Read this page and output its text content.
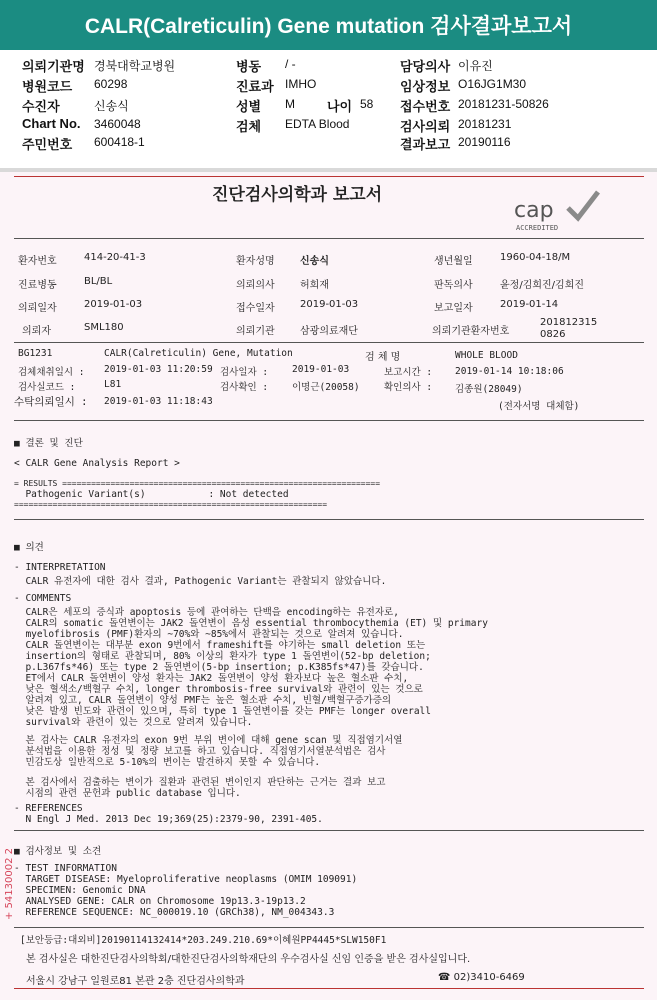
CALR(Calreticulin) Gene mutation 검사결과보고서
의뢰기관명 경북대학교병원
병원코드 60298
수진자	신송식
Chart No. 3460048
주민번호 600418-1
병동 / -
진료과 IMHO
성별 M 나이 58
검체 EDTA Blood
담당의사 이유진
임상정보 O16JG1M30
접수번호 20181231-50826
검사의뢰 20181231
결과보고 20190116
진단검사의학과 보고서
cap
ACCREDITED
환자번호	414-20-41-3	환자성명	신송식	생년월일	1960-04-18/M
진료병동	BL/BL	의뢰의사	허희재	판독의사	윤정/김희진/김희진
의뢰일자	2019-01-03	접수일자	2019-01-03	보고일자	2019-01-14
의뢰자	SML180	의뢰기관	삼광의료재단	의뢰기관환자번호
2018123150826
BG1231	CALR(Calreticulin) Gene, Mutation	검 체 명	WHOLE BLOOD
검체채취일시 : 2019-01-03 11:20:59 검사일자 :	2019-01-03	보고시간 : 2019-01-14 10:18:06
검사실코드 :	L81	검사확인 :	이명근(20058)	확인의사 : 김종원(28049)
수탁의뢰일시 : 2019-01-03 11:18:43	(전자서명 대체함)
■ 결론 및 진단
< CALR Gene Analysis Report >
= RESULTS ==================================================================
Pathogenic Variant(s)           : Not detected
=================================================================
■ 의견
- INTERPRETATION
CALR 유전자에 대한 검사 결과, Pathogenic Variant는 관찰되지 않았습니다.
- COMMENTS
CALR은 세포의 증식과 apoptosis 등에 관여하는 단백을 encoding하는 유전자로,
CALR의 somatic 돌연변이는 JAK2 돌연변이 음성 essential thrombocythemia (ET) 및 primary
myelofibrosis (PMF)환자의 ~70%와 ~85%에서 관찰되는 것으로 알려져 있습니다.
CALR 돌연변이는 대부분 exon 9번에서 frameshift를 야기하는 small deletion 또는
insertion의 형태로 관찰되며, 80% 이상의 환자가 type 1 돌연변이(52-bp deletion;
p.L367fs*46) 또는 type 2 돌연변이(5-bp insertion; p.K385fs*47)를 갖습니다.
ET에서 CALR 돌연변이 양성 환자는 JAK2 돌연변이 양성 환자보다 높은 혈소판 수치,
낮은 혈색소/백혈구 수치, longer thrombosis-free survival와 관련이 있는 것으로
알려져 있고, CALR 돌연변이 양성 PMF는 높은 혈소판 수치, 빈혈/백혈구증가증의
낮은 발생 빈도와 관련이 있으며, 특히 type 1 돌연변이를 갖는 PMF는 longer overall
survival와 관련이 있는 것으로 알려져 있습니다.
본 검사는 CALR 유전자의 exon 9번 부위 변이에 대해 gene scan 및 직접염기서열
분석법을 이용한 정성 및 정량 보고를 하고 있습니다. 직접염기서열분석법은 검사
민감도상 일반적으로 5-10%의 변이는 발견하지 못할 수 있습니다.
본 검사에서 검출하는 변이가 질환과 관련된 변이인지 판단하는 근거는 결과 보고
시점의 관련 문헌과 public database 입니다.
- REFERENCES
N Engl J Med. 2013 Dec 19;369(25):2379-90, 2391-405.
■ 검사정보 및 소견
- TEST INFORMATION
TARGET DISEASE: Myeloproliferative neoplasms (OMIM 109091)
SPECIMEN: Genomic DNA
ANALYSED GENE: CALR on Chromosome 19p13.3-19p13.2
REFERENCE SEQUENCE: NC_000019.10 (GRCh38), NM_004343.3
[보안등급:대외비]20190114132414*203.249.210.69*이혜원PP4445*SLW150F1
본 검사실은 대한진단검사의학회/대한진단검사의학재단의 우수검사실 신임 인증을 받은 검사실입니다.
서울시 강남구 일원로81 본관 2층 진단검사의학과	☎ 02)3410-6469
